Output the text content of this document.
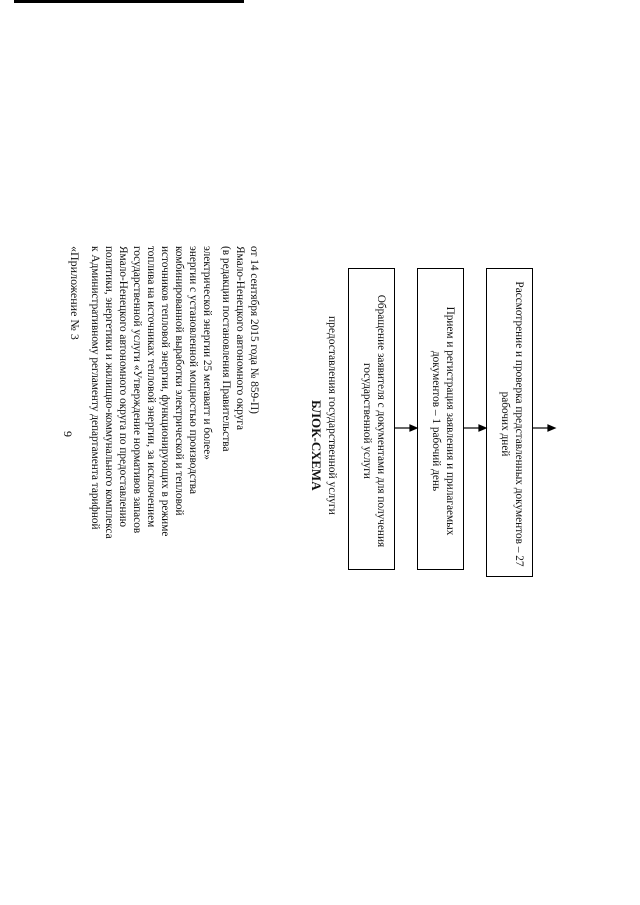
9
«Приложение № 3 к Административному регламенту департамента тарифной политики, энергетики и жилищно-коммунального комплекса Ямало-Ненецкого автономного округа по предоставлению государственной услуги «Утверждение нормативов запасов топлива на источниках тепловой энергии, за исключением источников тепловой энергии, функционирующих в режиме комбинированной выработки электрической и тепловой энергии с установленной мощностью производства электрической энергии 25 мегаватт и более» (в редакции постановления Правительства Ямало-Ненецкого автономного округа от 14 сентября 2015 года № 859-П)
БЛОК-СХЕМА предоставления государственной услуги	Обращение заявителя с документами для получения государственной услуги	Прием и регистрация заявления и прилагаемых документов – 1 рабочий день	Рассмотрение и проверка представленных документов – 27 рабочих дней
